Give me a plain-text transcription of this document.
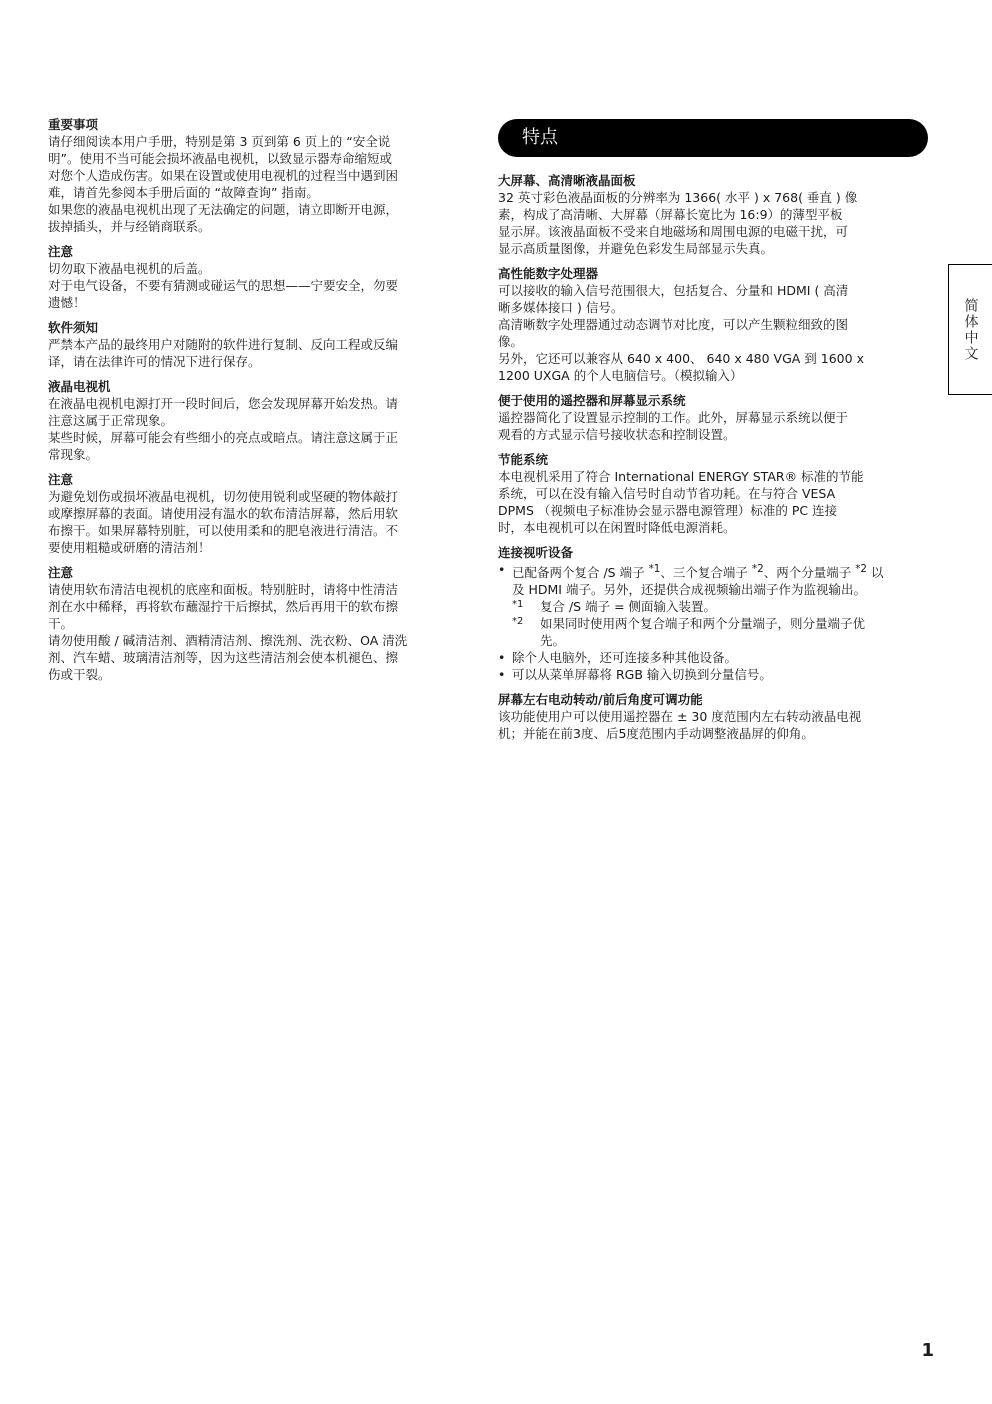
重要事项

请仔细阅读本用户手册，特别是第 3 页到第 6 页上的 “安全说
明”。使用不当可能会损坏液晶电视机，以致显示器寿命缩短或
对您个人造成伤害。如果在设置或使用电视机的过程当中遇到困
难，请首先参阅本手册后面的 “故障查询” 指南。

如果您的液晶电视机出现了无法确定的问题，请立即断开电源，
拔掉插头，并与经销商联系。

注意

切勿取下液晶电视机的后盖。

对于电气设备，不要有猜测或碰运气的思想——宁要安全，勿要
遗憾！

软件须知

严禁本产品的最终用户对随附的软件进行复制、反向工程或反编
译，请在法律许可的情况下进行保存。

液晶电视机

在液晶电视机电源打开一段时间后，您会发现屏幕开始发热。请
注意这属于正常现象。

某些时候，屏幕可能会有些细小的亮点或暗点。请注意这属于正
常现象。

注意

为避免划伤或损坏液晶电视机，切勿使用锐利或坚硬的物体敲打
或摩擦屏幕的表面。请使用浸有温水的软布清洁屏幕，然后用软
布擦干。如果屏幕特别脏，可以使用柔和的肥皂液进行清洁。不
要使用粗糙或研磨的清洁剂！

注意

请使用软布清洁电视机的底座和面板。特别脏时，请将中性清洁
剂在水中稀释，再将软布蘸湿拧干后擦拭，然后再用干的软布擦
干。

请勿使用酸 / 碱清洁剂、酒精清洁剂、擦洗剂、洗衣粉、OA 清洗
剂、汽车蜡、玻璃清洁剂等，因为这些清洁剂会使本机褪色、擦
伤或干裂。

特点

大屏幕、高清晰液晶面板

32 英寸彩色液晶面板的分辨率为 1366( 水平 ) x 768( 垂直 ) 像
素，构成了高清晰、大屏幕（屏幕长宽比为 16:9）的薄型平板
显示屏。该液晶面板不受来自地磁场和周围电源的电磁干扰，可
显示高质量图像，并避免色彩发生局部显示失真。

高性能数字处理器

可以接收的输入信号范围很大，包括复合、分量和 HDMI ( 高清
晰多媒体接口 ) 信号。

高清晰数字处理器通过动态调节对比度，可以产生颗粒细致的图
像。

另外，它还可以兼容从 640 x 400、 640 x 480 VGA 到 1600 x
1200 UXGA 的个人电脑信号。（模拟输入）

便于使用的遥控器和屏幕显示系统

遥控器简化了设置显示控制的工作。此外，屏幕显示系统以便于
观看的方式显示信号接收状态和控制设置。

节能系统

本电视机采用了符合 International ENERGY STAR® 标准的节能
系统，可以在没有输入信号时自动节省功耗。在与符合 VESA
DPMS （视频电子标准协会显示器电源管理）标准的 PC 连接
时，本电视机可以在闲置时降低电源消耗。

连接视听设备

• 已配备两个复合 /S 端子 $^{*1}$、三个复合端子 $^{*2}$、两个分量端子 $^{*2}$ 以
及 HDMI 端子。另外，还提供合成视频输出端子作为监视输出。
*1 复合 /S 端子 = 侧面输入装置。
*2 如果同时使用两个复合端子和两个分量端子，则分量端子优
先。
• 除个人电脑外，还可连接多种其他设备。
• 可以从菜单屏幕将 RGB 输入切换到分量信号。

屏幕左右电动转动/前后角度可调功能

该功能使用户可以使用遥控器在 ± 30 度范围内左右转动液晶电视
机；并能在前3度、后5度范围内手动调整液晶屏的仰角。

简体中文
1
